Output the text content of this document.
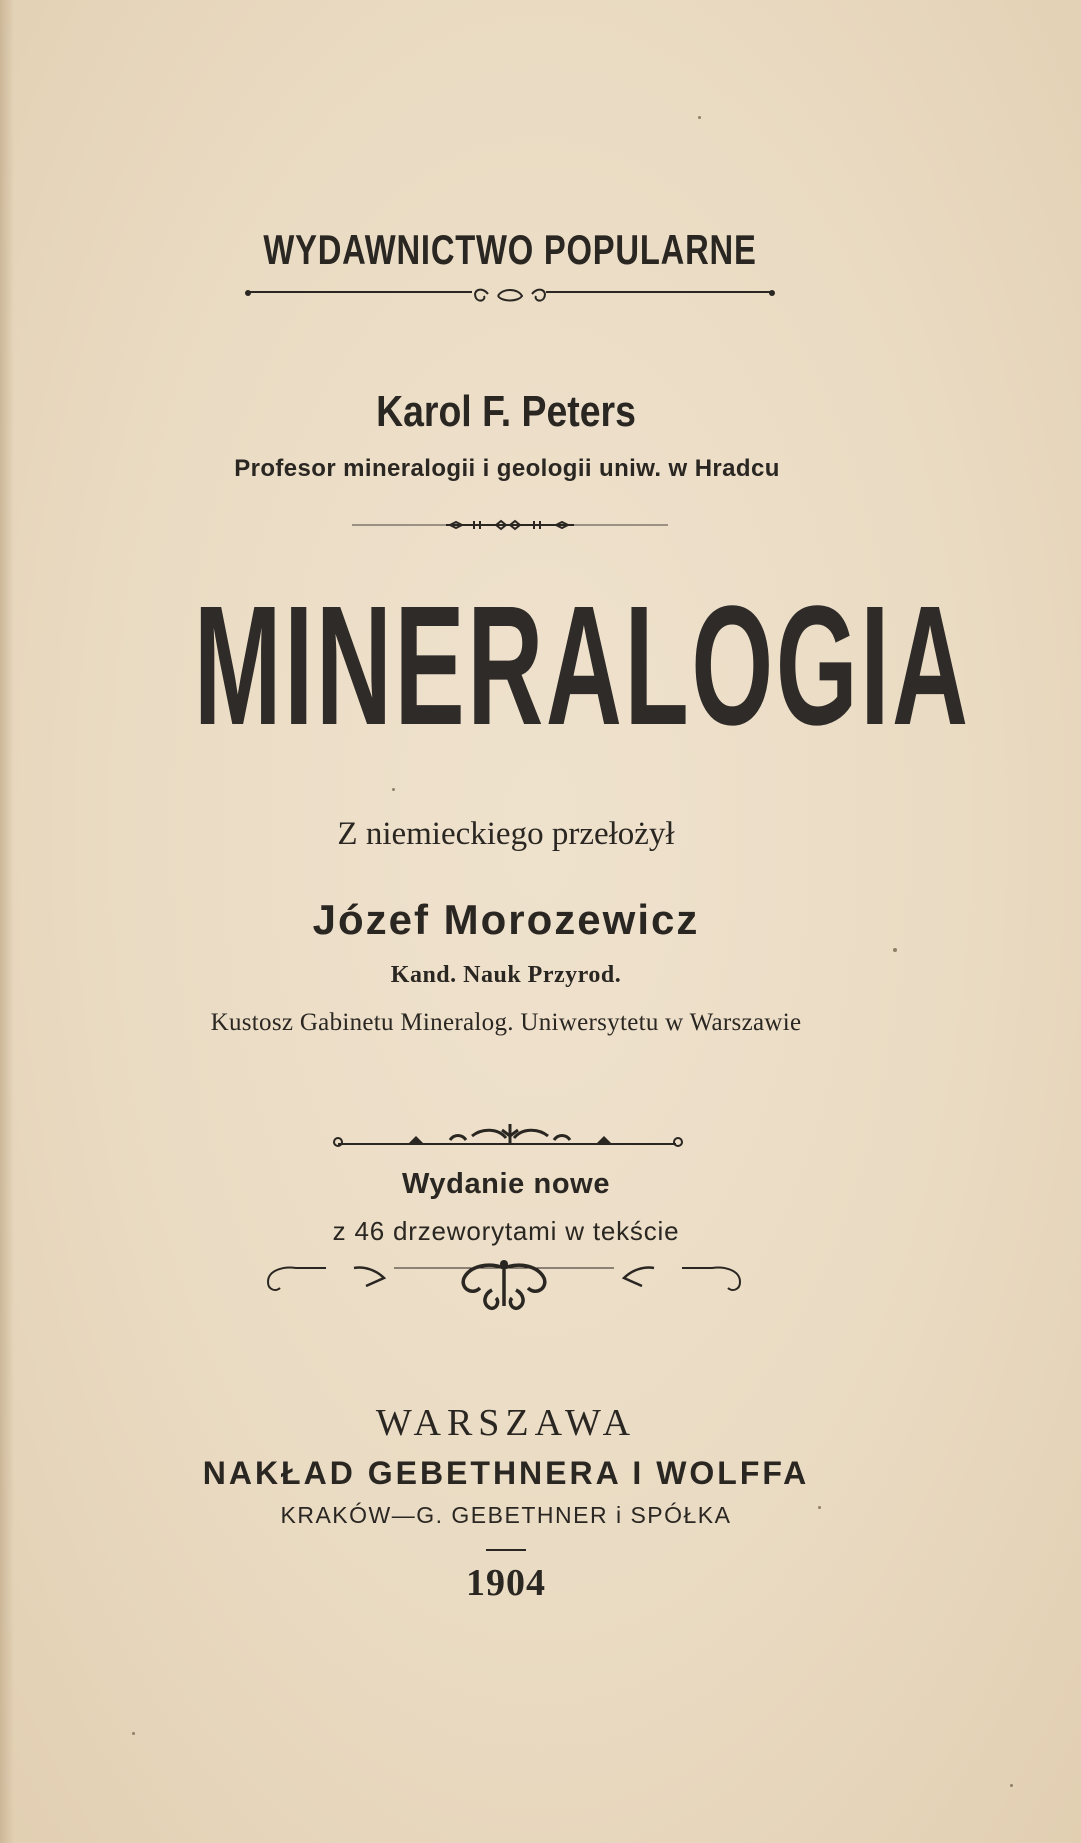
WYDAWNICTWO POPULARNE
Karol F. Peters
Profesor mineralogii i geologii uniw. w Hradcu
MINERALOGIA
Z niemieckiego przełożył
Józef Morozewicz
Kand. Nauk Przyrod.
Kustosz Gabinetu Mineralog. Uniwersytetu w Warszawie
Wydanie nowe
z 46 drzeworytami w tekście
WARSZAWA
NAKŁAD GEBETHNERA I WOLFFA
KRAKÓW—G. GEBETHNER i SPÓŁKA
1904
